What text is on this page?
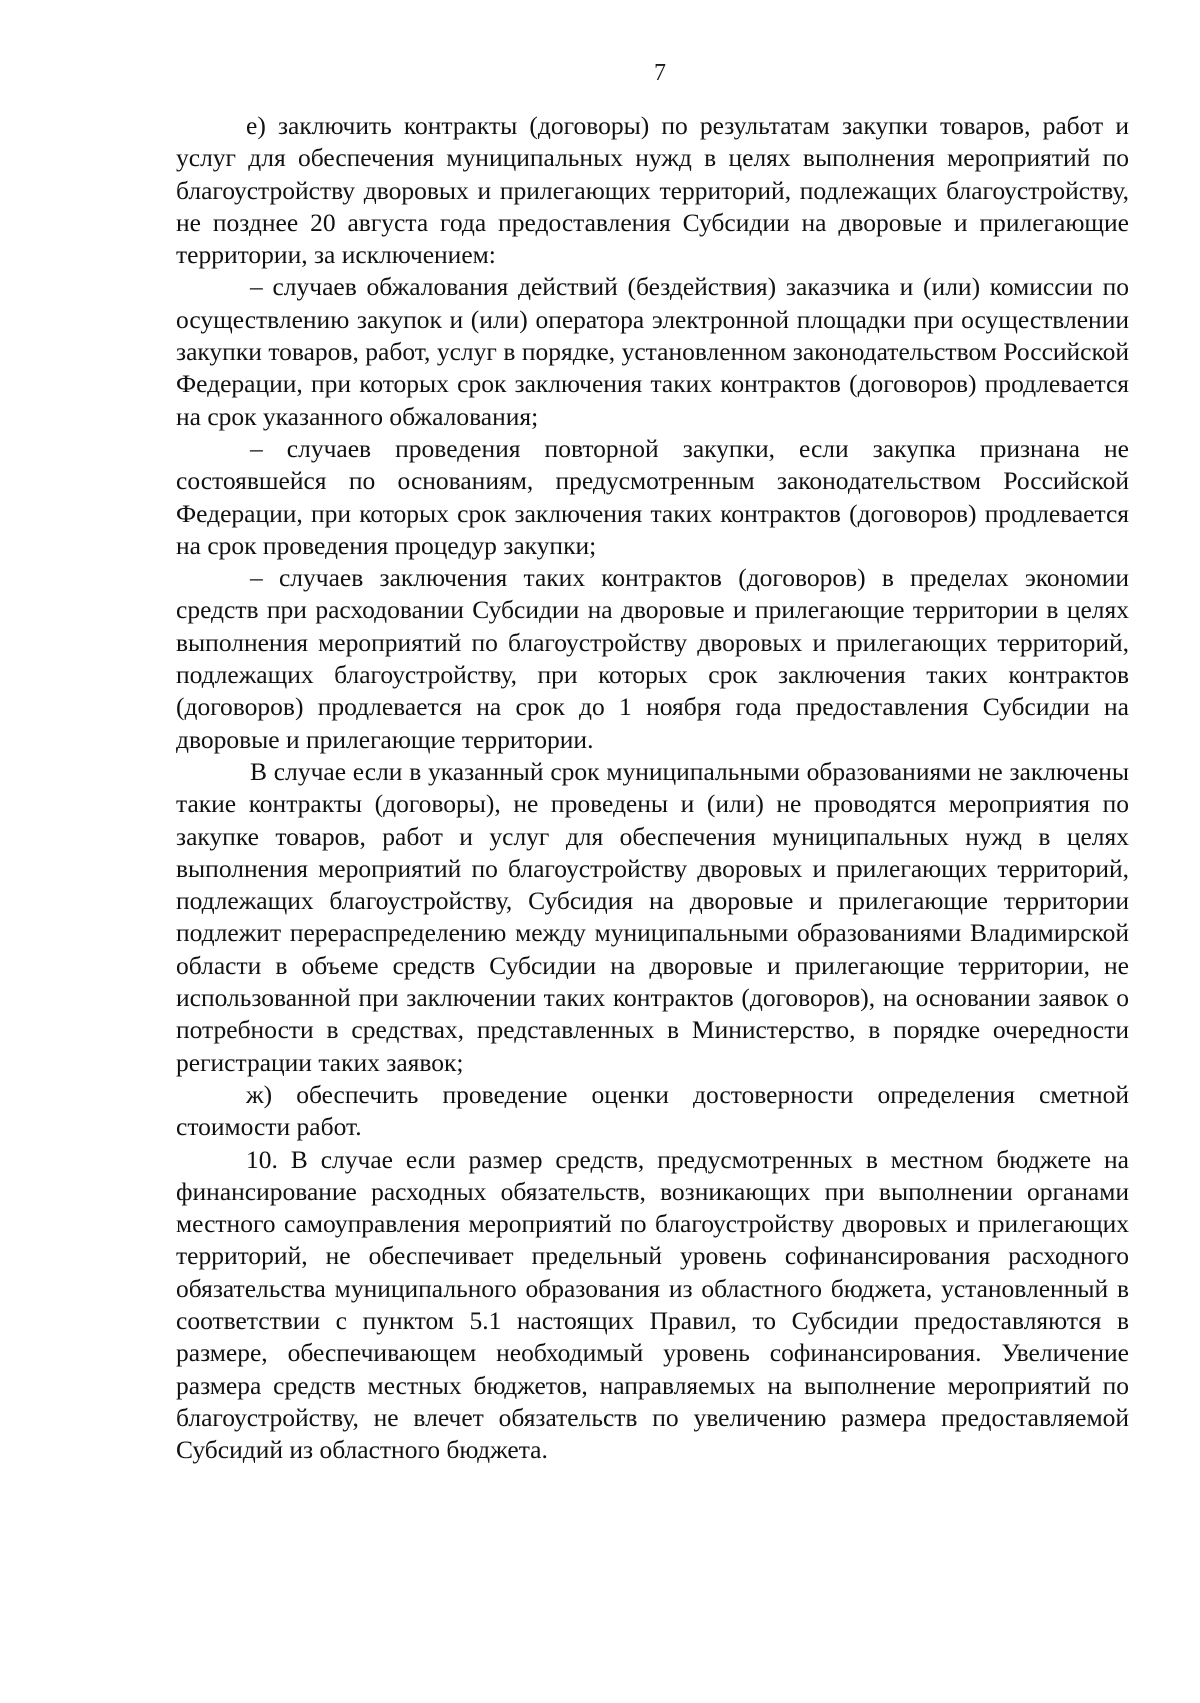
7

е) заключить контракты (договоры) по результатам закупки товаров, работ и услуг для обеспечения муниципальных нужд в целях выполнения мероприятий по благоустройству дворовых и прилегающих территорий, подлежащих благоустройству, не позднее 20 августа года предоставления Субсидии на дворовые и прилегающие территории, за исключением:

– случаев обжалования действий (бездействия) заказчика и (или) комиссии по осуществлению закупок и (или) оператора электронной площадки при осуществлении закупки товаров, работ, услуг в порядке, установленном законодательством Российской Федерации, при которых срок заключения таких контрактов (договоров) продлевается на срок указанного обжалования;

– случаев проведения повторной закупки, если закупка признана не состоявшейся по основаниям, предусмотренным законодательством Российской Федерации, при которых срок заключения таких контрактов (договоров) продлевается на срок проведения процедур закупки;

– случаев заключения таких контрактов (договоров) в пределах экономии средств при расходовании Субсидии на дворовые и прилегающие территории в целях выполнения мероприятий по благоустройству дворовых и прилегающих территорий, подлежащих благоустройству, при которых срок заключения таких контрактов (договоров) продлевается на срок до 1 ноября года предоставления Субсидии на дворовые и прилегающие территории.

В случае если в указанный срок муниципальными образованиями не заключены такие контракты (договоры), не проведены и (или) не проводятся мероприятия по закупке товаров, работ и услуг для обеспечения муниципальных нужд в целях выполнения мероприятий по благоустройству дворовых и прилегающих территорий, подлежащих благоустройству, Субсидия на дворовые и прилегающие территории подлежит перераспределению между муниципальными образованиями Владимирской области в объеме средств Субсидии на дворовые и прилегающие территории, не использованной при заключении таких контрактов (договоров), на основании заявок о потребности в средствах, представленных в Министерство, в порядке очередности регистрации таких заявок;

ж) обеспечить проведение оценки достоверности определения сметной стоимости работ.

10. В случае если размер средств, предусмотренных в местном бюджете на финансирование расходных обязательств, возникающих при выполнении органами местного самоуправления мероприятий по благоустройству дворовых и прилегающих территорий, не обеспечивает предельный уровень софинансирования расходного обязательства муниципального образования из областного бюджета, установленный в соответствии с пунктом 5.1 настоящих Правил, то Субсидии предоставляются в размере, обеспечивающем необходимый уровень софинансирования. Увеличение размера средств местных бюджетов, направляемых на выполнение мероприятий по благоустройству, не влечет обязательств по увеличению размера предоставляемой Субсидий из областного бюджета.
